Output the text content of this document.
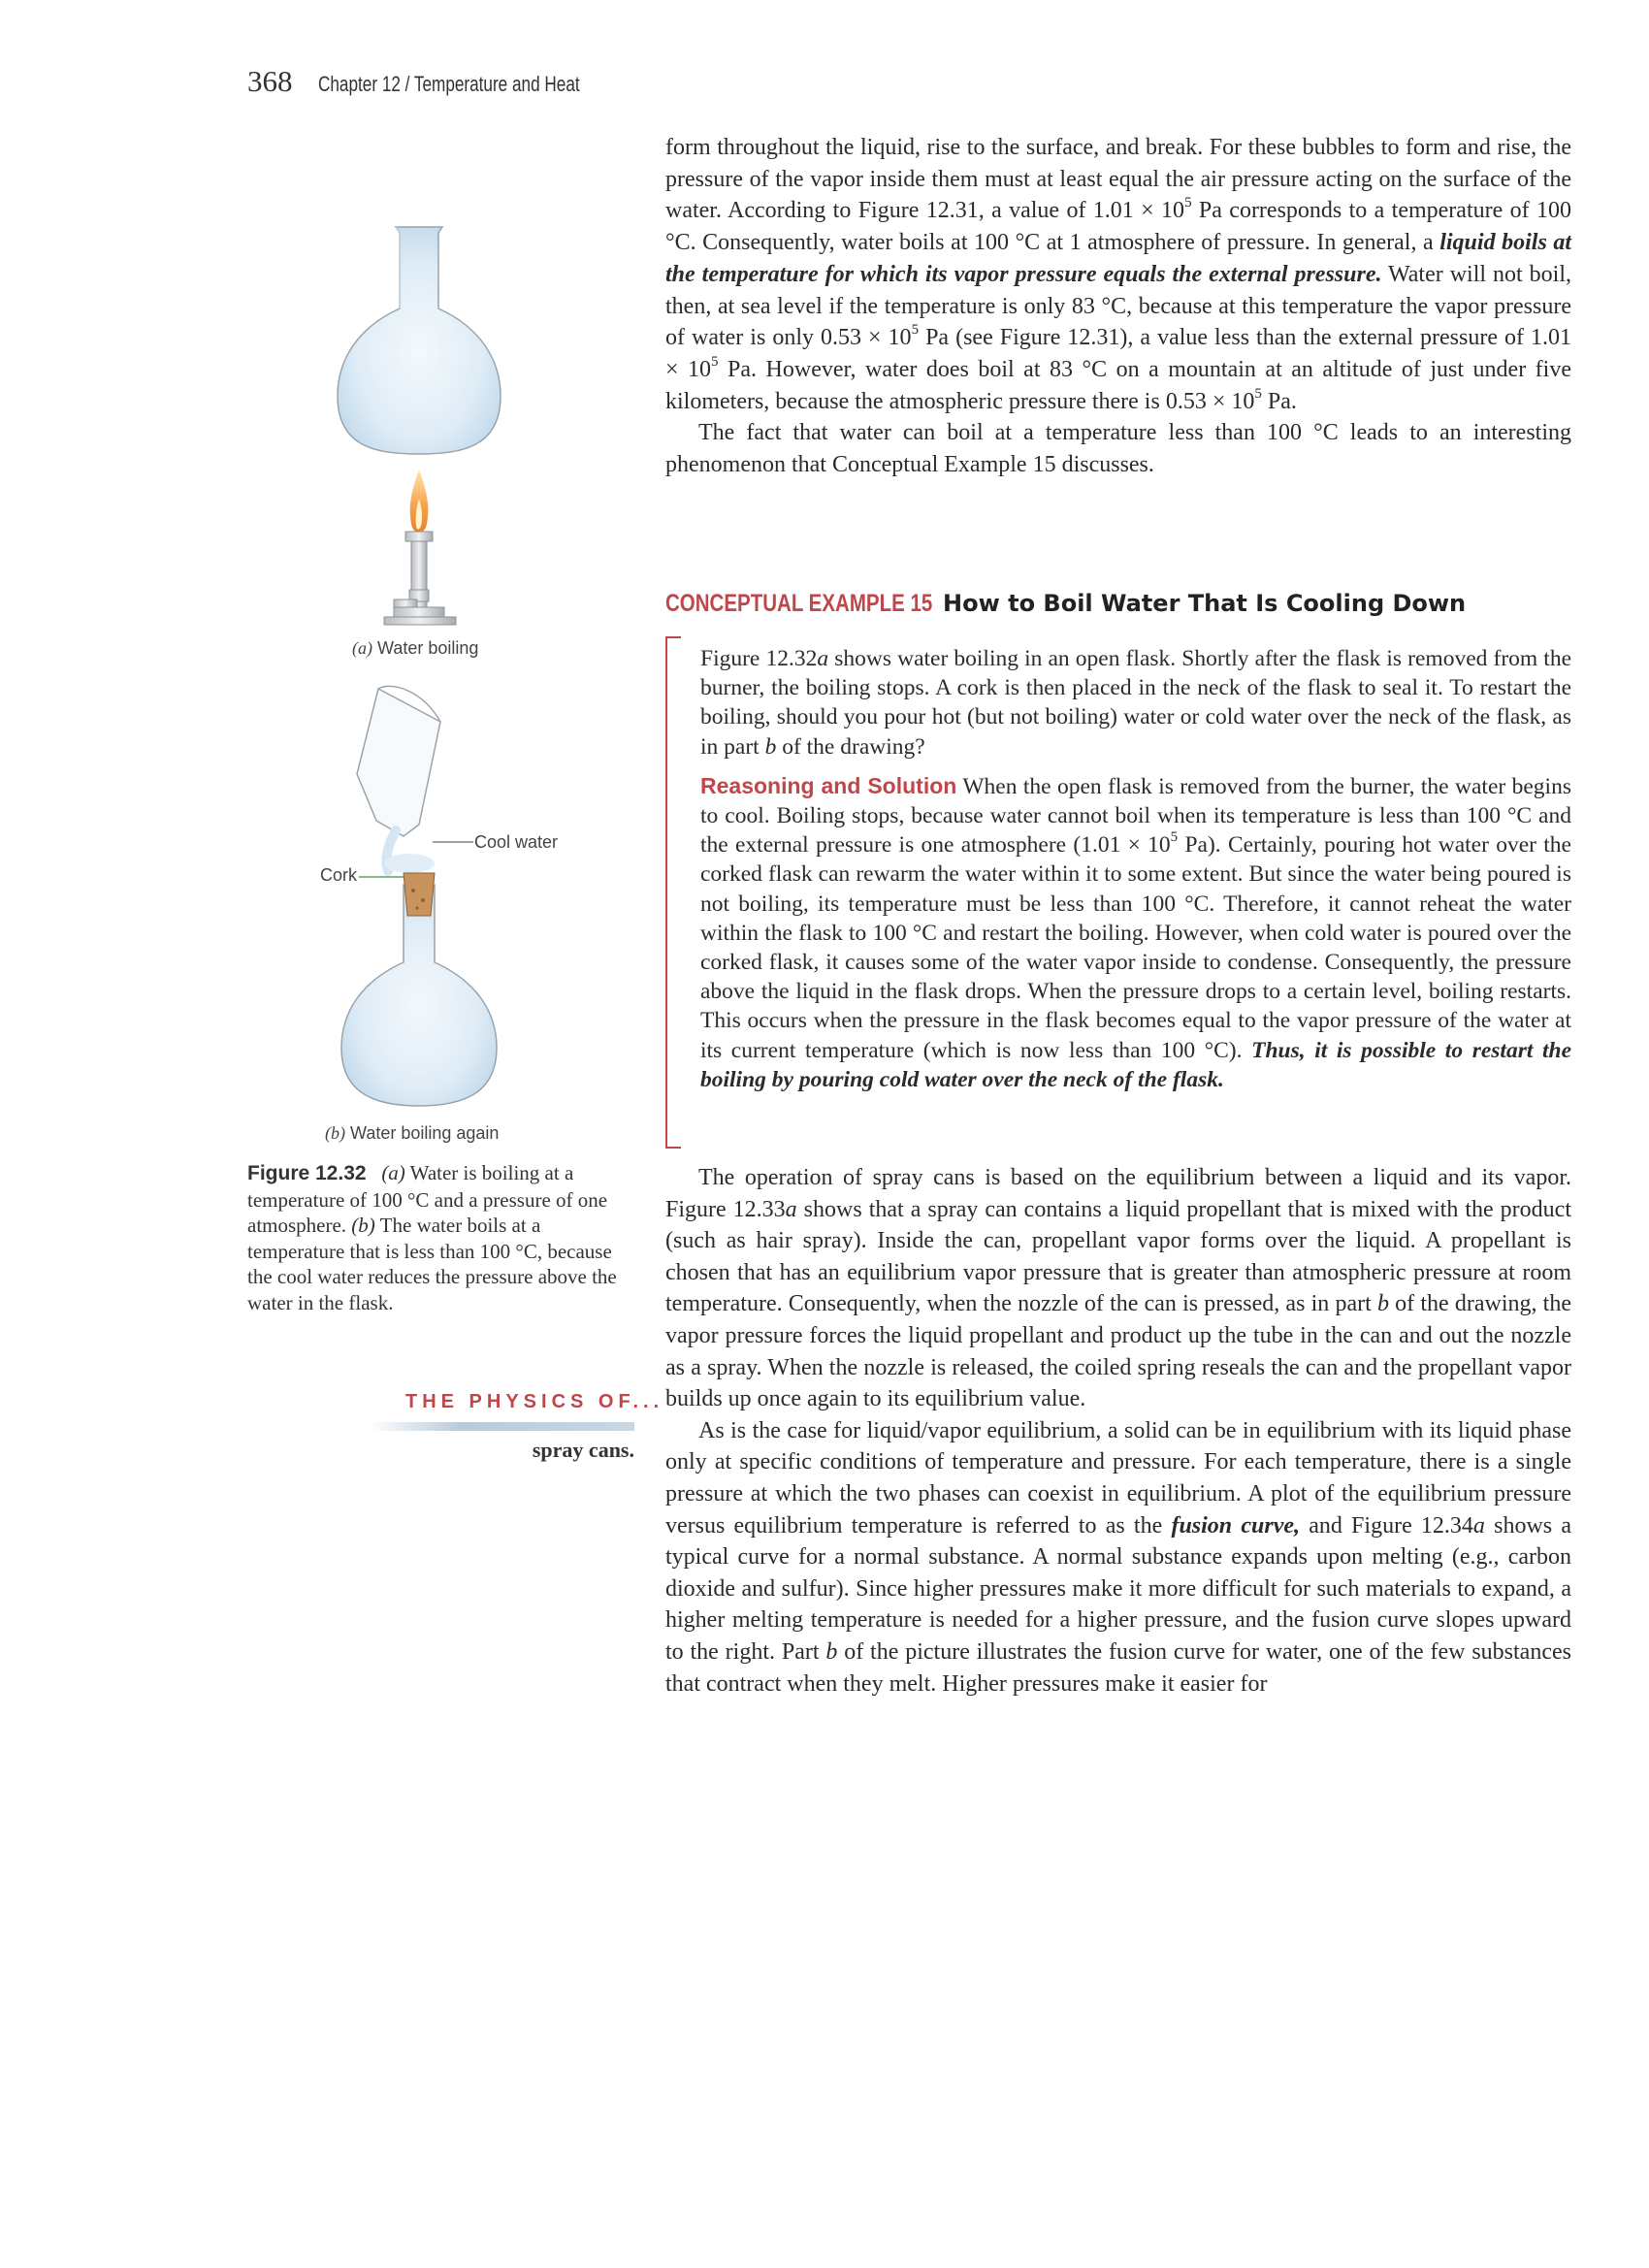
368 Chapter 12 / Temperature and Heat
Cool water
Cork
(a) Water boiling
(b) Water boiling again
Figure 12.32 (a) Water is boiling at a temperature of 100 °C and a pressure of one atmosphere. (b) The water boils at a temperature that is less than 100 °C, because the cool water reduces the pressure above the water in the flask.
THE PHYSICS OF...
spray cans.

form throughout the liquid, rise to the surface, and break. For these bubbles to form and rise, the pressure of the vapor inside them must at least equal the air pressure acting on the surface of the water. According to Figure 12.31, a value of $1.01 \times 10^5$ Pa corresponds to a temperature of 100 °C. Consequently, water boils at 100 °C at 1 atmosphere of pressure. In general, a liquid boils at the temperature for which its vapor pressure equals the external pressure. Water will not boil, then, at sea level if the temperature is only 83 °C, because at this temperature the vapor pressure of water is only $0.53 \times 10^5$ Pa (see Figure 12.31), a value less than the external pressure of $1.01 \times 10^5$ Pa. However, water does boil at 83 °C on a mountain at an altitude of just under five kilometers, because the atmospheric pressure there is $0.53 \times 10^5$ Pa.

The fact that water can boil at a temperature less than 100 °C leads to an interesting phenomenon that Conceptual Example 15 discusses.

CONCEPTUAL EXAMPLE 15 How to Boil Water That Is Cooling Down

Figure 12.32a shows water boiling in an open flask. Shortly after the flask is removed from the burner, the boiling stops. A cork is then placed in the neck of the flask to seal it. To restart the boiling, should you pour hot (but not boiling) water or cold water over the neck of the flask, as in part b of the drawing?

Reasoning and Solution When the open flask is removed from the burner, the water begins to cool. Boiling stops, because water cannot boil when its temperature is less than 100 °C and the external pressure is one atmosphere ($1.01 \times 10^5$ Pa). Certainly, pouring hot water over the corked flask can rewarm the water within it to some extent. But since the water being poured is not boiling, its temperature must be less than 100 °C. Therefore, it cannot reheat the water within the flask to 100 °C and restart the boiling. However, when cold water is poured over the corked flask, it causes some of the water vapor inside to condense. Consequently, the pressure above the liquid in the flask drops. When the pressure drops to a certain level, boiling restarts. This occurs when the pressure in the flask becomes equal to the vapor pressure of the water at its current temperature (which is now less than 100 °C). Thus, it is possible to restart the boiling by pouring cold water over the neck of the flask.

The operation of spray cans is based on the equilibrium between a liquid and its vapor. Figure 12.33a shows that a spray can contains a liquid propellant that is mixed with the product (such as hair spray). Inside the can, propellant vapor forms over the liquid. A propellant is chosen that has an equilibrium vapor pressure that is greater than atmospheric pressure at room temperature. Consequently, when the nozzle of the can is pressed, as in part b of the drawing, the vapor pressure forces the liquid propellant and product up the tube in the can and out the nozzle as a spray. When the nozzle is released, the coiled spring reseals the can and the propellant vapor builds up once again to its equilibrium value.

As is the case for liquid/vapor equilibrium, a solid can be in equilibrium with its liquid phase only at specific conditions of temperature and pressure. For each temperature, there is a single pressure at which the two phases can coexist in equilibrium. A plot of the equilibrium pressure versus equilibrium temperature is referred to as the fusion curve, and Figure 12.34a shows a typical curve for a normal substance. A normal substance expands upon melting (e.g., carbon dioxide and sulfur). Since higher pressures make it more difficult for such materials to expand, a higher melting temperature is needed for a higher pressure, and the fusion curve slopes upward to the right. Part b of the picture illustrates the fusion curve for water, one of the few substances that contract when they melt. Higher pressures make it easier for
